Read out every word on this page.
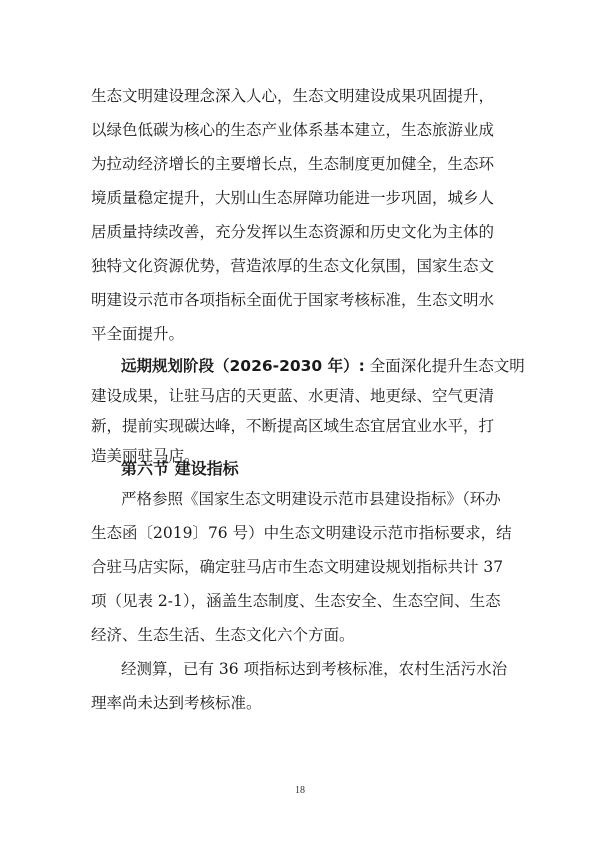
生态文明建设理念深入人心，生态文明建设成果巩固提升，

以绿色低碳为核心的生态产业体系基本建立，生态旅游业成

为拉动经济增长的主要增长点，生态制度更加健全，生态环

境质量稳定提升，大别山生态屏障功能进一步巩固，城乡人

居质量持续改善，充分发挥以生态资源和历史文化为主体的

独特文化资源优势，营造浓厚的生态文化氛围，国家生态文

明建设示范市各项指标全面优于国家考核标准，生态文明水

平全面提升。

远期规划阶段（2026-2030 年）: 全面深化提升生态文明

建设成果，让驻马店的天更蓝、水更清、地更绿、空气更清

新，提前实现碳达峰，不断提高区域生态宜居宜业水平，打

造美丽驻马店。

第六节 建设指标

严格参照《国家生态文明建设示范市县建设指标》（环办

生态函〔2019〕76 号）中生态文明建设示范市指标要求，结

合驻马店实际，确定驻马店市生态文明建设规划指标共计 37

项（见表 2-1），涵盖生态制度、生态安全、生态空间、生态

经济、生态生活、生态文化六个方面。

经测算，已有 36 项指标达到考核标准，农村生活污水治

理率尚未达到考核标准。

18
